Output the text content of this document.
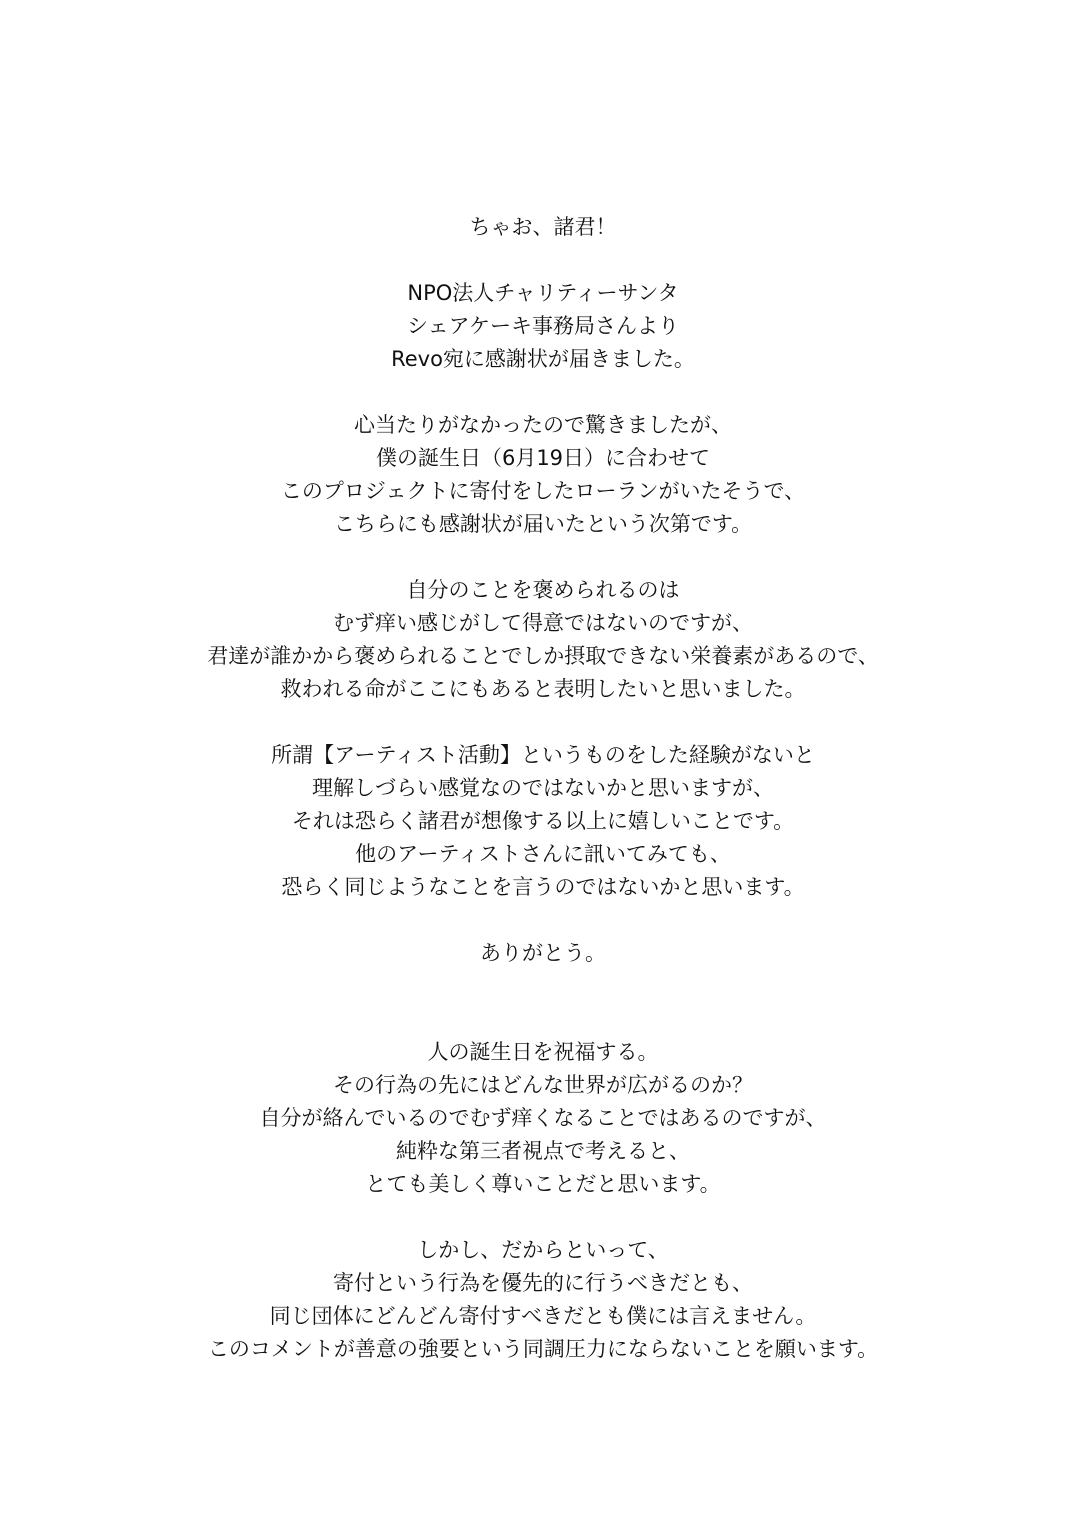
ちゃお、諸君！
NPO法人チャリティーサンタ
シェアケーキ事務局さんより
Revo宛に感謝状が届きました。
心当たりがなかったので驚きましたが、
僕の誕生日（6月19日）に合わせて
このプロジェクトに寄付をしたローランがいたそうで、
こちらにも感謝状が届いたという次第です。
自分のことを褒められるのは
むず痒い感じがして得意ではないのですが、
君達が誰かから褒められることでしか摂取できない栄養素があるので、
救われる命がここにもあると表明したいと思いました。
所謂【アーティスト活動】というものをした経験がないと
理解しづらい感覚なのではないかと思いますが、
それは恐らく諸君が想像する以上に嬉しいことです。
他のアーティストさんに訊いてみても、
恐らく同じようなことを言うのではないかと思います。
ありがとう。
人の誕生日を祝福する。
その行為の先にはどんな世界が広がるのか？
自分が絡んでいるのでむず痒くなることではあるのですが、
純粋な第三者視点で考えると、
とても美しく尊いことだと思います。
しかし、だからといって、
寄付という行為を優先的に行うべきだとも、
同じ団体にどんどん寄付すべきだとも僕には言えません。
このコメントが善意の強要という同調圧力にならないことを願います。
